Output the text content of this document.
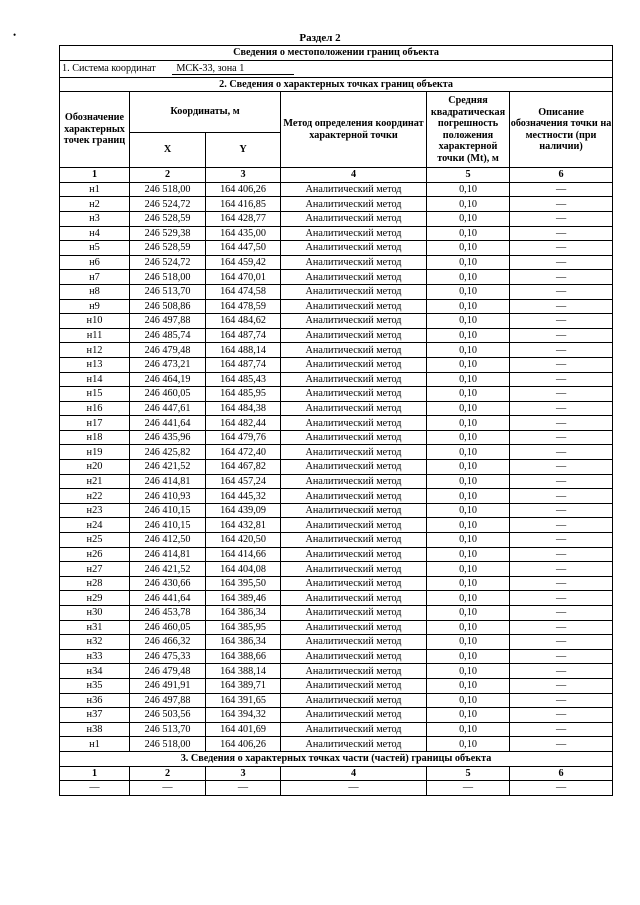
•	Раздел 2
Сведения о местоположении границ объекта					
1. Система координат МСК-33, зона 1					
2. Сведения о характерных точках границ объекта					
Обозначение характерных точек границ	Координаты, м		Метод определения координат характерной точки	Средняя квадратическая погрешность положения характерной точки (Mt), м	Описание обозначения точки на местности (при наличии)
	X	Y			
1	2	3	4	5	6
н1	246 518,00	164 406,26	Аналитический метод	0,10	—
н2	246 524,72	164 416,85	Аналитический метод	0,10	—
н3	246 528,59	164 428,77	Аналитический метод	0,10	—
н4	246 529,38	164 435,00	Аналитический метод	0,10	—
н5	246 528,59	164 447,50	Аналитический метод	0,10	—
н6	246 524,72	164 459,42	Аналитический метод	0,10	—
н7	246 518,00	164 470,01	Аналитический метод	0,10	—
н8	246 513,70	164 474,58	Аналитический метод	0,10	—
н9	246 508,86	164 478,59	Аналитический метод	0,10	—
н10	246 497,88	164 484,62	Аналитический метод	0,10	—
н11	246 485,74	164 487,74	Аналитический метод	0,10	—
н12	246 479,48	164 488,14	Аналитический метод	0,10	—
н13	246 473,21	164 487,74	Аналитический метод	0,10	—
н14	246 464,19	164 485,43	Аналитический метод	0,10	—
н15	246 460,05	164 485,95	Аналитический метод	0,10	—
н16	246 447,61	164 484,38	Аналитический метод	0,10	—
н17	246 441,64	164 482,44	Аналитический метод	0,10	—
н18	246 435,96	164 479,76	Аналитический метод	0,10	—
н19	246 425,82	164 472,40	Аналитический метод	0,10	—
н20	246 421,52	164 467,82	Аналитический метод	0,10	—
н21	246 414,81	164 457,24	Аналитический метод	0,10	—
н22	246 410,93	164 445,32	Аналитический метод	0,10	—
н23	246 410,15	164 439,09	Аналитический метод	0,10	—
н24	246 410,15	164 432,81	Аналитический метод	0,10	—
н25	246 412,50	164 420,50	Аналитический метод	0,10	—
н26	246 414,81	164 414,66	Аналитический метод	0,10	—
н27	246 421,52	164 404,08	Аналитический метод	0,10	—
н28	246 430,66	164 395,50	Аналитический метод	0,10	—
н29	246 441,64	164 389,46	Аналитический метод	0,10	—
н30	246 453,78	164 386,34	Аналитический метод	0,10	—
н31	246 460,05	164 385,95	Аналитический метод	0,10	—
н32	246 466,32	164 386,34	Аналитический метод	0,10	—
н33	246 475,33	164 388,66	Аналитический метод	0,10	—
н34	246 479,48	164 388,14	Аналитический метод	0,10	—
н35	246 491,91	164 389,71	Аналитический метод	0,10	—
н36	246 497,88	164 391,65	Аналитический метод	0,10	—
н37	246 503,56	164 394,32	Аналитический метод	0,10	—
н38	246 513,70	164 401,69	Аналитический метод	0,10	—
н1	246 518,00	164 406,26	Аналитический метод	0,10	—
3. Сведения о характерных точках части (частей) границы объекта					
1	2	3	4	5	6
—	—	—	—	—	—
